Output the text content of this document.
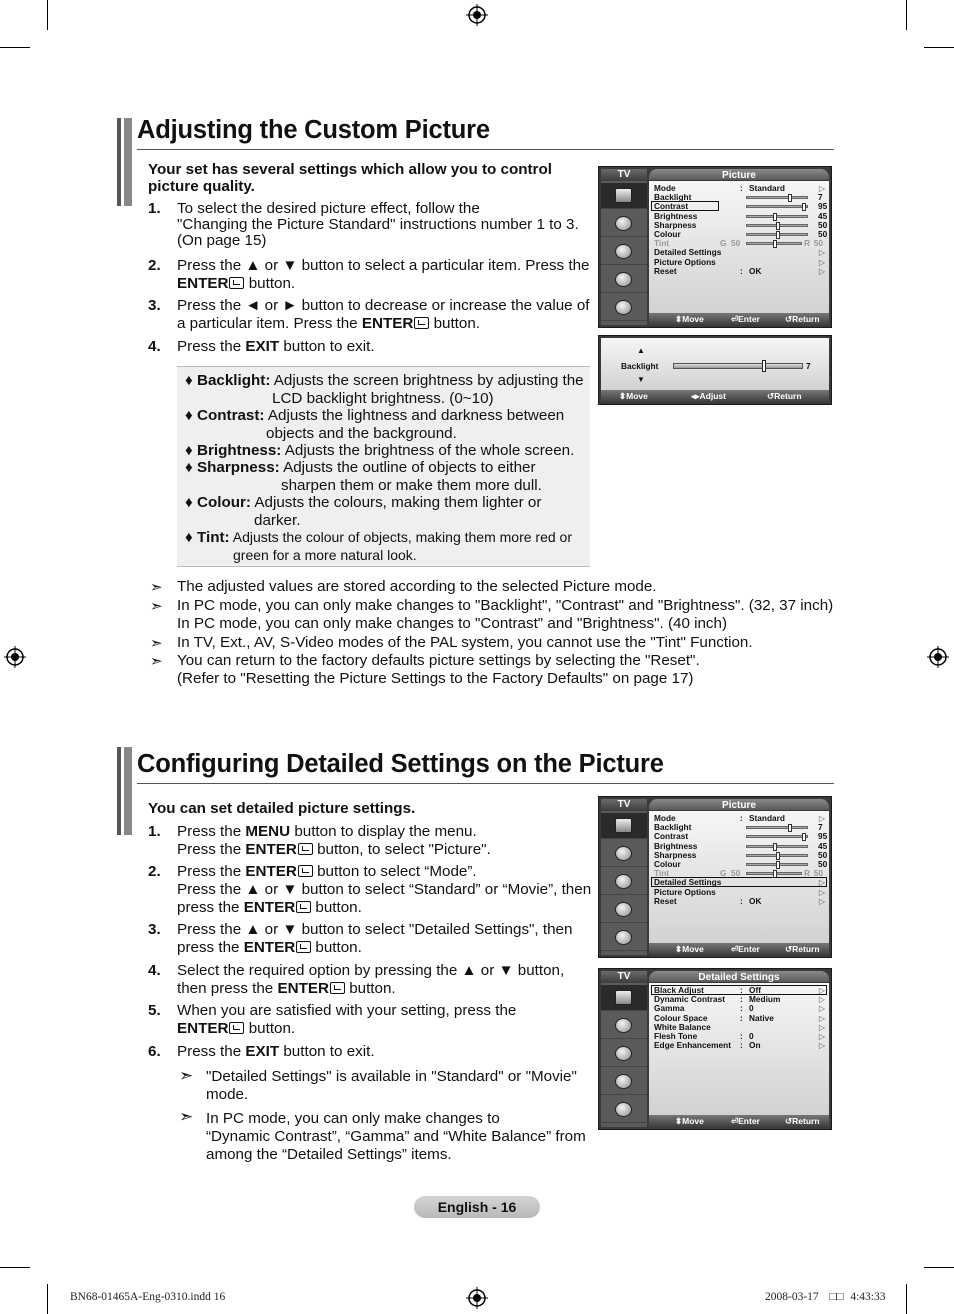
Adjusting the Custom Picture
Your set has several settings which allow you to control
picture quality.
1. To select the desired picture effect, follow the
"Changing the Picture Standard" instructions number 1 to 3.
(On page 15)
2. Press the ▲ or ▼ button to select a particular item. Press the
ENTER button.
3. Press the ◄ or ► button to decrease or increase the value of
a particular item. Press the ENTER button.
4. Press the EXIT button to exit.
♦ Backlight: Adjusts the screen brightness by adjusting the
LCD backlight brightness. (0~10)
♦ Contrast: Adjusts the lightness and darkness between
objects and the background.
♦ Brightness: Adjusts the brightness of the whole screen.
♦ Sharpness: Adjusts the outline of objects to either
sharpen them or make them more dull.
♦ Colour: Adjusts the colours, making them lighter or
darker.
♦ Tint: Adjusts the colour of objects, making them more red or
green for a more natural look.
➣ The adjusted values are stored according to the selected Picture mode.
➣ In PC mode, you can only make changes to "Backlight", "Contrast" and "Brightness". (32, 37 inch)
In PC mode, you can only make changes to "Contrast" and "Brightness". (40 inch)
➣ In TV, Ext., AV, S-Video modes of the PAL system, you cannot use the "Tint" Function.
➣ You can return to the factory defaults picture settings by selecting the "Reset".
(Refer to "Resetting the Picture Settings to the Factory Defaults" on page 17)
TV	Picture
Mode	: Standard	▷
Backlight	7
Contrast	95
Brightness	45
Sharpness	50
Colour	50
Tint	G 50	R 50
Detailed Settings	▷
Picture Options	▷
Reset	: OK	▷
⬍ Move	⏎ Enter	↺ Return
▲
Backlight
▼
7
⬍ Move	◂▸ Adjust	↺ Return
Configuring Detailed Settings on the Picture
You can set detailed picture settings.
1. Press the MENU button to display the menu.
Press the ENTER button, to select "Picture".
2. Press the ENTER button to select “Mode”.
Press the ▲ or ▼ button to select “Standard” or “Movie”, then
press the ENTER button.
3. Press the ▲ or ▼ button to select "Detailed Settings", then
press the ENTER button.
4. Select the required option by pressing the ▲ or ▼ button,
then press the ENTER button.
5. When you are satisfied with your setting, press the
ENTER button.
6. Press the EXIT button to exit.
➣ "Detailed Settings" is available in "Standard" or "Movie"
mode.
➣ In PC mode, you can only make changes to
“Dynamic Contrast”, “Gamma” and “White Balance” from
among the “Detailed Settings” items.
TV	Picture
Mode	: Standard	▷
Backlight	7
Contrast	95
Brightness	45
Sharpness	50
Colour	50
Tint	G 50	R 50
Detailed Settings	▷
Picture Options	▷
Reset	: OK	▷
⬍ Move	⏎ Enter	↺ Return
TV	Detailed Settings
Black Adjust	: Off	▷
Dynamic Contrast : Medium	▷
Gamma	: 0	▷
Colour Space	: Native	▷
White Balance	▷
Flesh Tone	: 0	▷
Edge Enhancement : On	▷
⬍ Move	⏎ Enter	↺ Return
English - 16
BN68-01465A-Eng-0310.indd 16	2008-03-17 □□ 4:43:33
